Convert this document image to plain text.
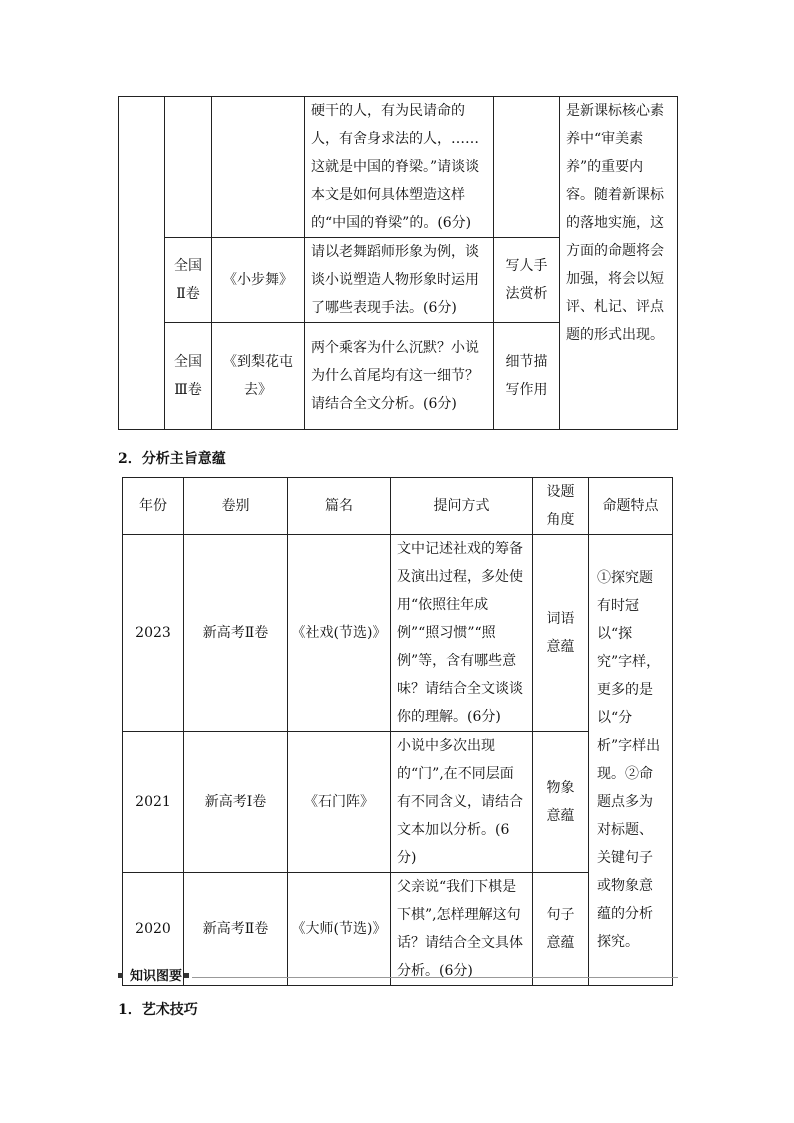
			硬干的人，有为民请命的人，有舍身求法的人，……这就是中国的脊梁。”请谈谈本文是如何具体塑造这样的“中国的脊梁”的。(6分)		是新课标核心素养中“审美素养”的重要内容。随着新课标的落地实施，这方面的命题将会加强，将会以短评、札记、评点题的形式出现。
	全国Ⅱ卷	《小步舞》	请以老舞蹈师形象为例，谈谈小说塑造人物形象时运用了哪些表现手法。(6分)	写人手法赏析	
	全国Ⅲ卷	《到梨花屯去》	两个乘客为什么沉默？小说为什么首尾均有这一细节？请结合全文分析。(6分)	细节描写作用	
2．分析主旨意蕴
年份	卷别	篇名	提问方式	设题角度	命题特点
2023	新高考Ⅱ卷	《社戏(节选)》	文中记述社戏的筹备及演出过程，多处使用“依照往年成例”“照习惯”“照例”等，含有哪些意味？请结合全文谈谈你的理解。(6分)	词语意蕴	①探究题有时冠以“探究”字样，更多的是以“分析”字样出现。②命题点多为对标题、关键句子或物象意蕴的分析探究。
2021	新高考Ⅰ卷	《石门阵》	小说中多次出现的“门”,在不同层面有不同含义，请结合文本加以分析。(6分)	物象意蕴	
2020	新高考Ⅱ卷	《大师(节选)》	父亲说“我们下棋是下棋”,怎样理解这句话？请结合全文具体分析。(6分)	句子意蕴	
知识图要
1．艺术技巧
